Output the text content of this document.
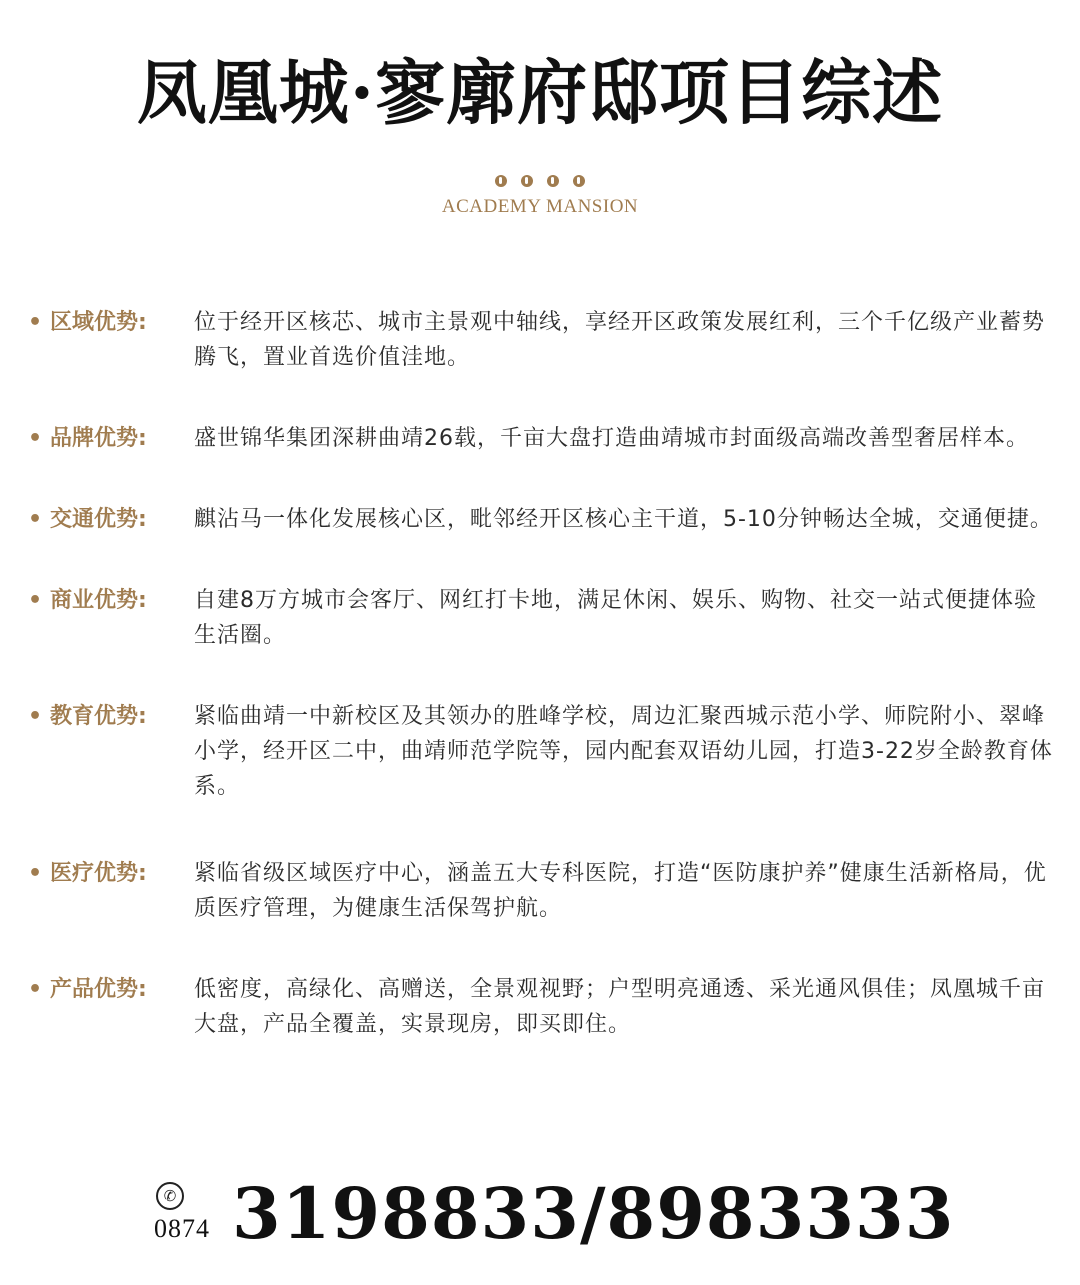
凤凰城·寥廓府邸项目综述
ACADEMY MANSION
• 区域优势:	位于经开区核芯、城市主景观中轴线，享经开区政策发展红利，三个千亿级产业蓄势腾飞，置业首选价值洼地。
• 品牌优势:	盛世锦华集团深耕曲靖26载，千亩大盘打造曲靖城市封面级高端改善型奢居样本。
• 交通优势:	麒沾马一体化发展核心区，毗邻经开区核心主干道，5-10分钟畅达全城，交通便捷。
• 商业优势:	自建8万方城市会客厅、网红打卡地，满足休闲、娱乐、购物、社交一站式便捷体验生活圈。
• 教育优势:	紧临曲靖一中新校区及其领办的胜峰学校，周边汇聚西城示范小学、师院附小、翠峰小学，经开区二中，曲靖师范学院等，园内配套双语幼儿园，打造3-22岁全龄教育体系。
• 医疗优势:	紧临省级区域医疗中心，涵盖五大专科医院，打造“医防康护养”健康生活新格局，优质医疗管理，为健康生活保驾护航。
• 产品优势:	低密度，高绿化、高赠送，全景观视野；户型明亮通透、采光通风俱佳；凤凰城千亩大盘，产品全覆盖，实景现房，即买即住。
✆
0874 3198833/8983333
